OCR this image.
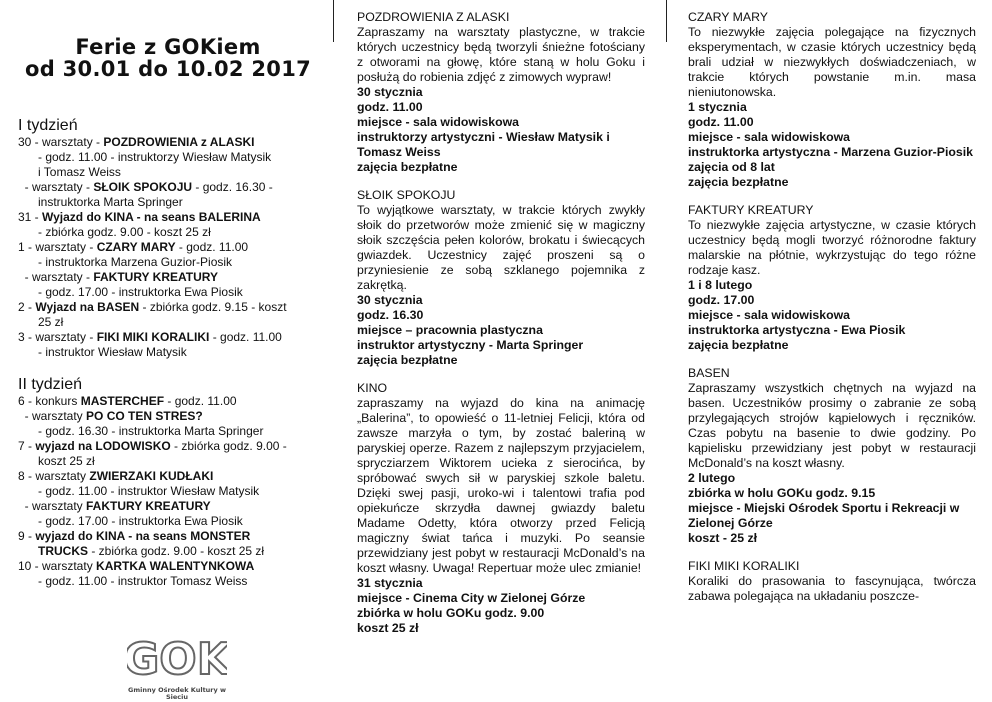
Ferie z GOKiem

od 30.01 do 10.02 2017

I tydzień

30 - warsztaty - POZDROWIENIA z ALASKI
- godz. 11.00 - instruktorzy Wiesław Matysik
i Tomasz Weiss
- warsztaty - SŁOIK SPOKOJU - godz. 16.30 -
instruktorka Marta Springer
31 - Wyjazd do KINA - na seans BALERINA
- zbiórka godz. 9.00 - koszt 25 zł
1 - warsztaty - CZARY MARY - godz. 11.00
- instruktorka Marzena Guzior-Piosik
- warsztaty - FAKTURY KREATURY
- godz. 17.00 - instruktorka Ewa Piosik
2 - Wyjazd na BASEN - zbiórka godz. 9.15 - koszt
25 zł
3 - warsztaty - FIKI MIKI KORALIKI - godz. 11.00
- instruktor Wiesław Matysik

II tydzień

6 - konkurs MASTERCHEF - godz. 11.00
- warsztaty PO CO TEN STRES?
- godz. 16.30 - instruktorka Marta Springer
7 - wyjazd na LODOWISKO - zbiórka godz. 9.00 -
koszt 25 zł
8 - warsztaty ZWIERZAKI KUDŁAKI
- godz. 11.00 - instruktor Wiesław Matysik
- warsztaty FAKTURY KREATURY
- godz. 17.00 - instruktorka Ewa Piosik
9 - wyjazd do KINA - na seans MONSTER
TRUCKS - zbiórka godz. 9.00 - koszt 25 zł
10 - warsztaty KARTKA WALENTYNKOWA
- godz. 11.00 - instruktor Tomasz Weiss
GOK
Gminny Ośrodek Kultury w Sieciu

POZDROWIENIA Z ALASKI

Zapraszamy na warsztaty plastyczne, w trakcie których uczestnicy będą tworzyli śnieżne fotościany z otworami na głowę, które staną w holu Goku i posłużą do robienia zdjęć z zimowych wypraw!
30 stycznia
godz. 11.00
miejsce - sala widowiskowa
instruktorzy artystyczni - Wiesław Matysik i Tomasz Weiss
zajęcia bezpłatne

SŁOIK SPOKOJU

To wyjątkowe warsztaty, w trakcie których zwykły słoik do przetworów może zmienić się w magiczny słoik szczęścia pełen kolorów, brokatu i świecących gwiazdek. Uczestnicy zajęć proszeni są o przyniesienie ze sobą szklanego pojemnika z zakrętką.
30 stycznia
godz. 16.30
miejsce – pracownia plastyczna
instruktor artystyczny - Marta Springer
zajęcia bezpłatne

KINO

zapraszamy na wyjazd do kina na animację „Balerina”, to opowieść o 11-letniej Felicji, która od zawsze marzyła o tym, by zostać baleriną w paryskiej operze. Razem z najlepszym przyjacielem, sprycziarzem Wiktorem ucieka z sierocińca, by spróbować swych sił w paryskiej szkole baletu. Dzięki swej pasji, uroko-wi i talentowi trafia pod opiekuńcze skrzydła dawnej gwiazdy baletu Madame Odetty, która otworzy przed Felicją magiczny świat tańca i muzyki. Po seansie przewidziany jest pobyt w restauracji McDonald’s na koszt własny. Uwaga! Repertuar może ulec zmianie!
31 stycznia
miejsce - Cinema City w Zielonej Górze
zbiórka w holu GOKu godz. 9.00
koszt 25 zł

CZARY MARY

To niezwykłe zajęcia polegające na fizycznych eksperymentach, w czasie których uczestnicy będą brali udział w niezwykłych doświadczeniach, w trakcie których powstanie m.in. masa nieniutonowska.
1 stycznia
godz. 11.00
miejsce - sala widowiskowa
instruktorka artystyczna - Marzena Guzior-Piosik
zajęcia od 8 lat
zajęcia bezpłatne

FAKTURY KREATURY

To niezwykłe zajęcia artystyczne, w czasie których uczestnicy będą mogli tworzyć różnorodne faktury malarskie na płótnie, wykrzystując do tego różne rodzaje kasz.
1 i 8 lutego
godz. 17.00
miejsce - sala widowiskowa
instruktorka artystyczna - Ewa Piosik
zajęcia bezpłatne

BASEN

Zapraszamy wszystkich chętnych na wyjazd na basen. Uczestników prosimy o zabranie ze sobą przylegających strojów kąpielowych i ręczników. Czas pobytu na basenie to dwie godziny. Po kąpielisku przewidziany jest pobyt w restauracji McDonald’s na koszt własny.
2 lutego
zbiórka w holu GOKu godz. 9.15
miejsce - Miejski Ośrodek Sportu i Rekreacji w Zielonej Górze
koszt - 25 zł

FIKI MIKI KORALIKI

Koraliki do prasowania to fascynująca, twórcza zabawa polegająca na układaniu poszcze-
